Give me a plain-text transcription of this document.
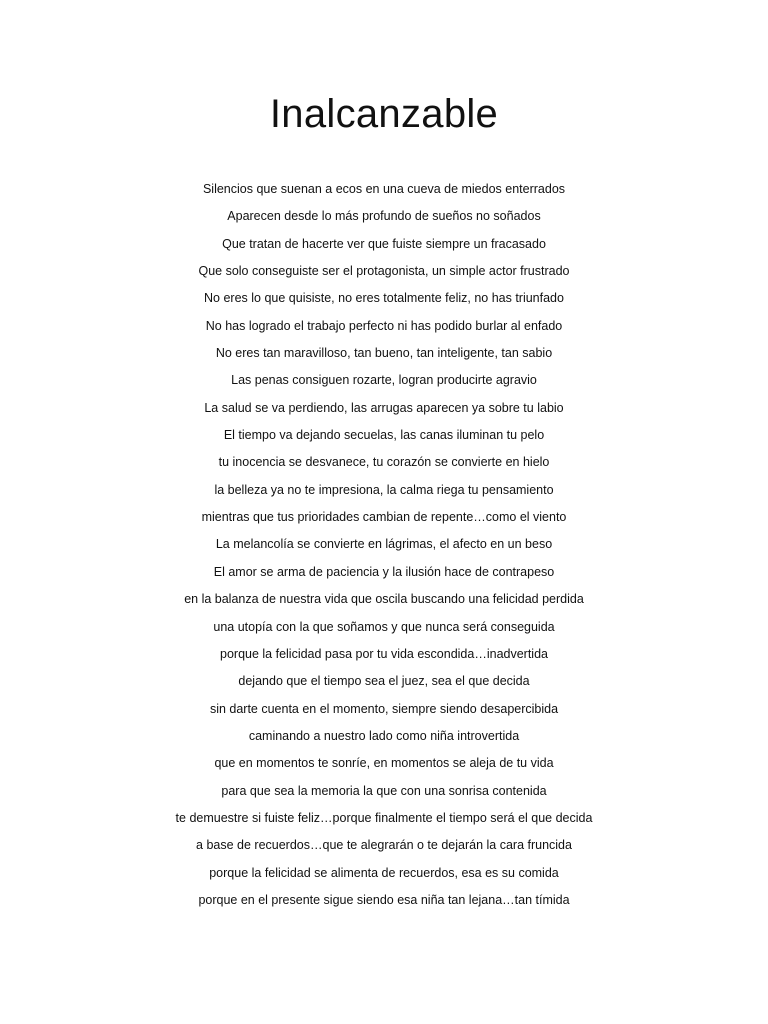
Inalcanzable
Silencios que suenan a ecos en una cueva de miedos enterrados
Aparecen desde lo más profundo de sueños no soñados
Que tratan de hacerte ver que fuiste siempre un fracasado
Que solo conseguiste ser el protagonista, un simple actor frustrado
No eres lo que quisiste, no eres totalmente feliz, no has triunfado
No has logrado el trabajo perfecto ni has podido burlar al enfado
No eres tan maravilloso, tan bueno, tan inteligente, tan sabio
Las penas consiguen rozarte, logran producirte agravio
La salud se va perdiendo, las arrugas aparecen ya sobre tu labio
El tiempo va dejando secuelas, las canas iluminan tu pelo
tu inocencia se desvanece, tu corazón se convierte en hielo
la belleza ya no te impresiona, la calma riega tu pensamiento
mientras que tus prioridades cambian de repente…como el viento
La melancolía se convierte en lágrimas, el afecto en un beso
El amor se arma de paciencia y la ilusión hace de contrapeso
en la balanza de nuestra vida que oscila buscando una felicidad perdida
una utopía con la que soñamos y que nunca será conseguida
porque la felicidad pasa por tu vida escondida…inadvertida
dejando que el tiempo sea el juez, sea el que decida
sin darte cuenta en el momento, siempre siendo desapercibida
caminando a nuestro lado como niña introvertida
que en momentos te sonríe, en momentos se aleja de tu vida
para que sea la memoria la que con una sonrisa contenida
te demuestre si fuiste feliz…porque finalmente el tiempo será el que decida
a base de recuerdos…que te alegrarán o te dejarán la cara fruncida
porque la felicidad se alimenta de recuerdos, esa es su comida
porque en el presente sigue siendo esa niña tan lejana…tan tímida
